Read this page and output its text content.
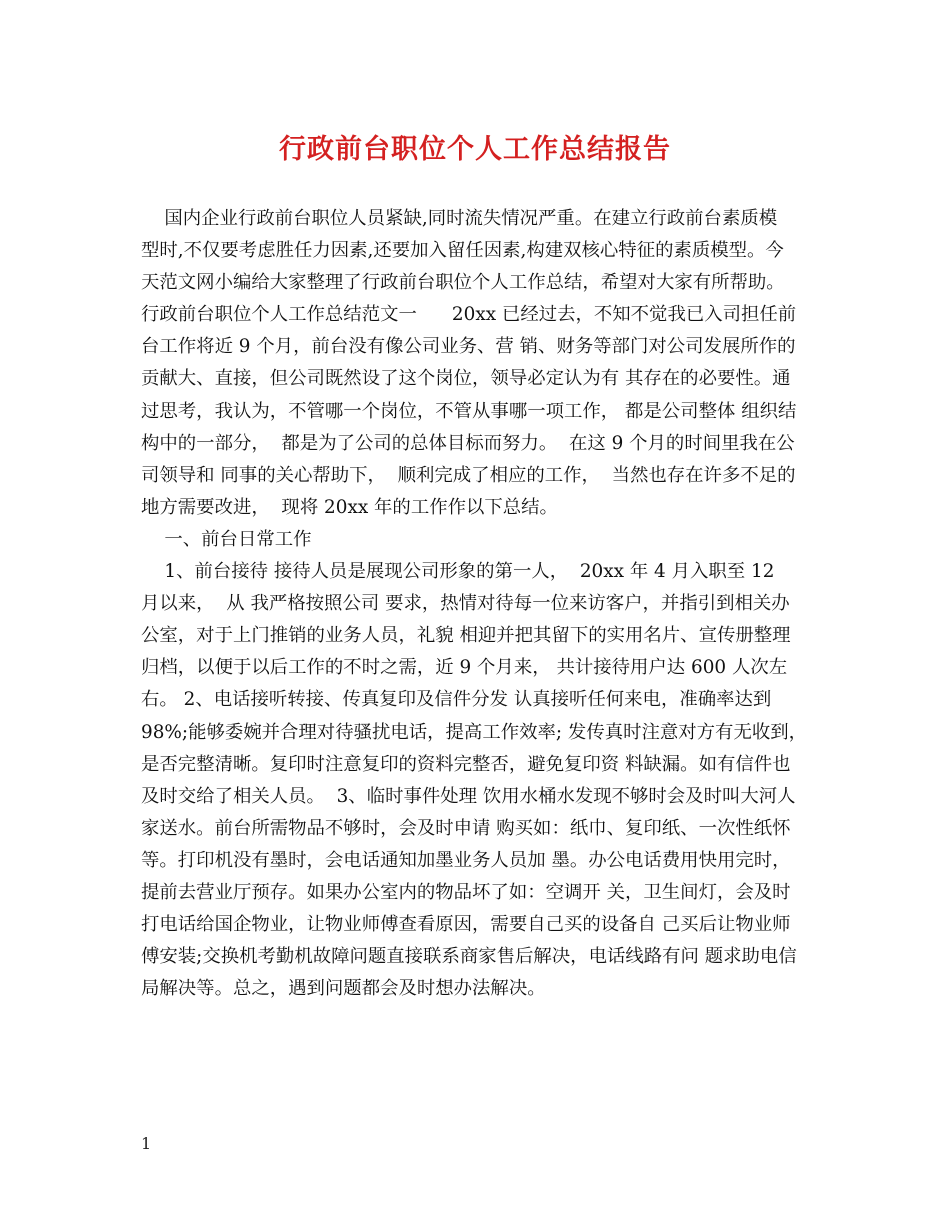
行政前台职位个人工作总结报告
国内企业行政前台职位人员紧缺,同时流失情况严重。在建立行政前台素质模
型时,不仅要考虑胜任力因素,还要加入留任因素,构建双核心特征的素质模型。今
天范文网小编给大家整理了行政前台职位个人工作总结，希望对大家有所帮助。
行政前台职位个人工作总结范文一      20xx 已经过去，不知不觉我已入司担任前
台工作将近 9 个月，前台没有像公司业务、营 销、财务等部门对公司发展所作的
贡献大、直接，但公司既然设了这个岗位，领导必定认为有 其存在的必要性。通
过思考，我认为，不管哪一个岗位，不管从事哪一项工作， 都是公司整体 组织结
构中的一部分，  都是为了公司的总体目标而努力。  在这 9 个月的时间里我在公
司领导和 同事的关心帮助下，  顺利完成了相应的工作，  当然也存在许多不足的
地方需要改进，  现将 20xx 年的工作作以下总结。
一、前台日常工作
1、前台接待 接待人员是展现公司形象的第一人，  20xx 年 4 月入职至 12
月以来，  从 我严格按照公司 要求，热情对待每一位来访客户，并指引到相关办
公室，对于上门推销的业务人员，礼貌 相迎并把其留下的实用名片、宣传册整理
归档，以便于以后工作的不时之需，近 9 个月来， 共计接待用户达 600 人次左
右。 2、电话接听转接、传真复印及信件分发 认真接听任何来电，准确率达到
98%;能够委婉并合理对待骚扰电话，提高工作效率; 发传真时注意对方有无收到，
是否完整清晰。复印时注意复印的资料完整否，避免复印资 料缺漏。如有信件也
及时交给了相关人员。  3、临时事件处理 饮用水桶水发现不够时会及时叫大河人
家送水。前台所需物品不够时，会及时申请 购买如：纸巾、复印纸、一次性纸怀
等。打印机没有墨时，会电话通知加墨业务人员加 墨。办公电话费用快用完时，
提前去营业厅预存。如果办公室内的物品坏了如：空调开 关，卫生间灯，会及时
打电话给国企物业，让物业师傅查看原因，需要自己买的设备自 己买后让物业师
傅安装;交换机考勤机故障问题直接联系商家售后解决，电话线路有问 题求助电信
局解决等。总之，遇到问题都会及时想办法解决。
1
